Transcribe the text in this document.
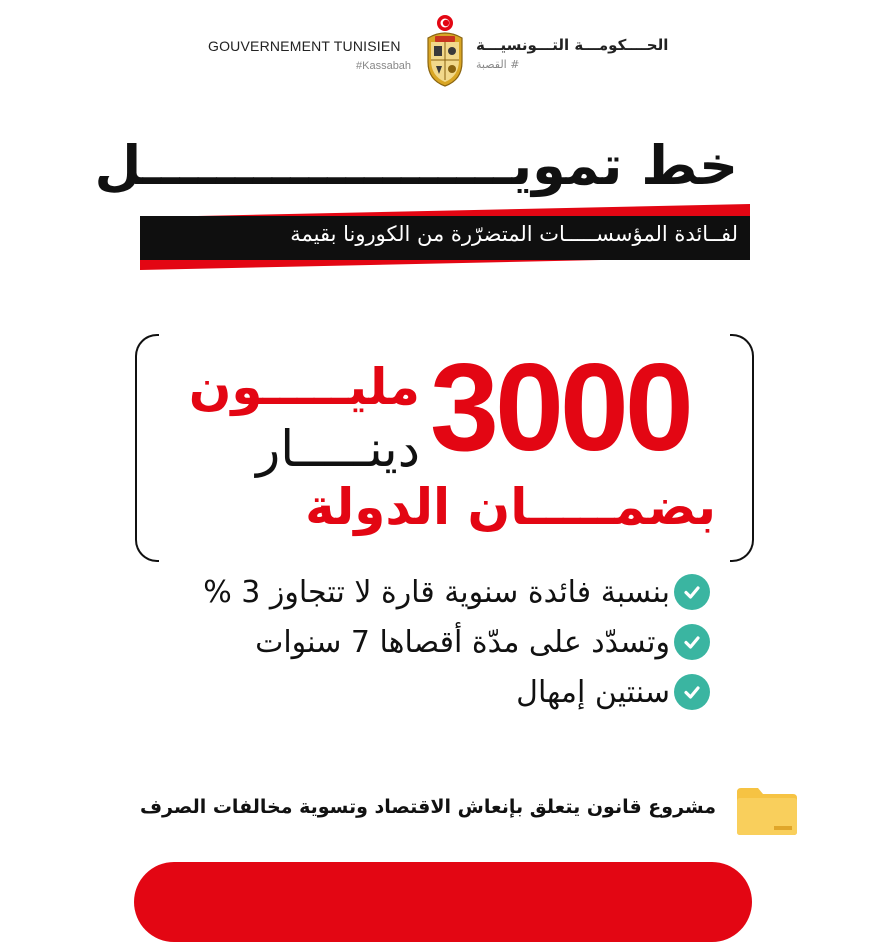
GOUVERNEMENT TUNISIEN
#Kassabah
الحــــكومـــة التـــونسيـــة
# القصبة
خط تمويــــــــــــــــــــل
لفــائدة المؤسســـــات المتضرّرة من الكورونا بقيمة
3000
مليـــــون
دينـــــار
بضمـــــان الدولة
بنسبة فائدة سنوية قارة لا تتجاوز 3 %
وتسدّد على مدّة أقصاها 7 سنوات
سنتين إمهال
مشروع قانون يتعلق بإنعاش الاقتصاد وتسوية مخالفات الصرف
